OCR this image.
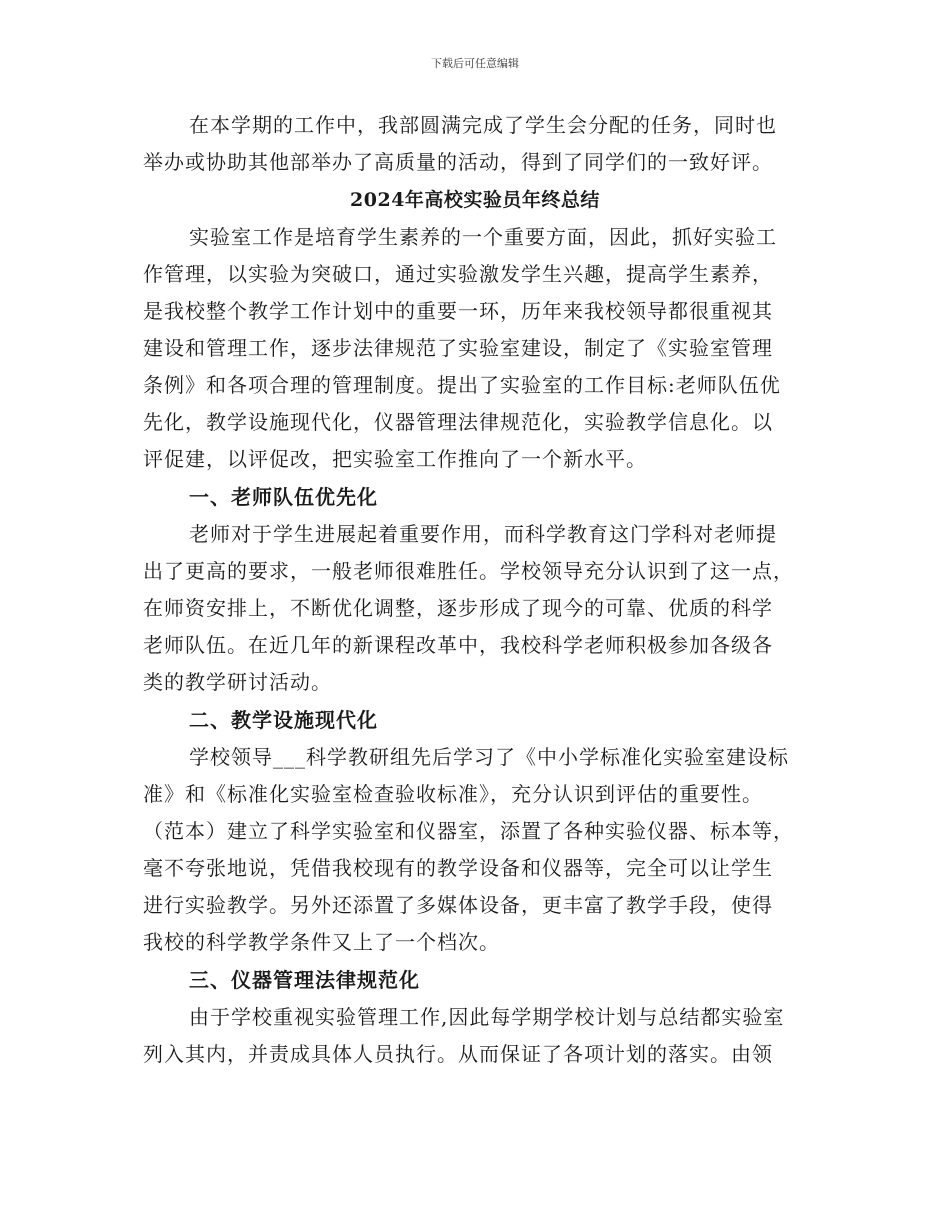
下载后可任意编辑

在本学期的工作中，我部圆满完成了学生会分配的任务，同时也
举办或协助其他部举办了高质量的活动，得到了同学们的一致好评。

2024年高校实验员年终总结

实验室工作是培育学生素养的一个重要方面，因此，抓好实验工
作管理，以实验为突破口，通过实验激发学生兴趣，提高学生素养，
是我校整个教学工作计划中的重要一环，历年来我校领导都很重视其
建设和管理工作，逐步法律规范了实验室建设，制定了《实验室管理
条例》和各项合理的管理制度。提出了实验室的工作目标:老师队伍优
先化，教学设施现代化，仪器管理法律规范化，实验教学信息化。以
评促建，以评促改，把实验室工作推向了一个新水平。

一、老师队伍优先化

老师对于学生进展起着重要作用，而科学教育这门学科对老师提
出了更高的要求，一般老师很难胜任。学校领导充分认识到了这一点，
在师资安排上，不断优化调整，逐步形成了现今的可靠、优质的科学
老师队伍。在近几年的新课程改革中，我校科学老师积极参加各级各
类的教学研讨活动。

二、教学设施现代化

学校领导___科学教研组先后学习了《中小学标准化实验室建设标
准》和《标准化实验室检查验收标准》，充分认识到评估的重要性。
（范本）建立了科学实验室和仪器室，添置了各种实验仪器、标本等，
毫不夸张地说，凭借我校现有的教学设备和仪器等，完全可以让学生
进行实验教学。另外还添置了多媒体设备，更丰富了教学手段，使得
我校的科学教学条件又上了一个档次。

三、仪器管理法律规范化

由于学校重视实验管理工作,因此每学期学校计划与总结都实验室
列入其内，并责成具体人员执行。从而保证了各项计划的落实。由领
